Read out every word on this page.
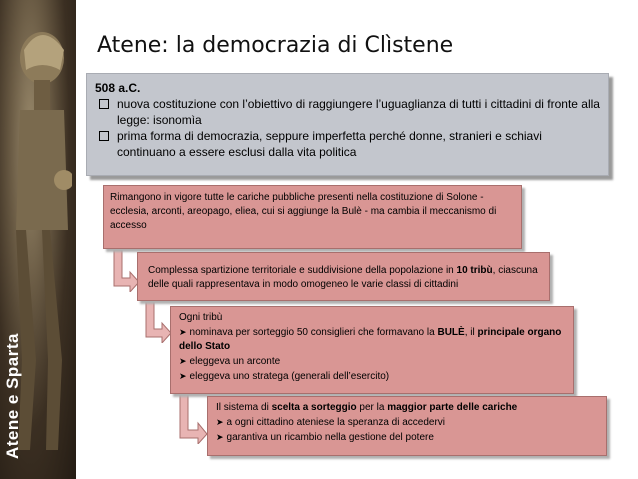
Atene e Sparta
Atene: la democrazia di Clìstene
508 a.C.
nuova costituzione con l’obiettivo di raggiungere l’uguaglianza di tutti i cittadini di fronte alla legge: isonomìa
prima forma di democrazia, seppure imperfetta perché donne, stranieri e schiavi continuano a essere esclusi dalla vita politica
Rimangono in vigore tutte le cariche pubbliche presenti nella costituzione di Solone - ecclesia, arconti, areopago, eliea, cui si aggiunge la Bulè - ma cambia il meccanismo di accesso
Complessa spartizione territoriale e suddivisione della popolazione in 10 tribù, ciascuna delle quali rappresentava in modo omogeneo le varie classi di cittadini
Ogni tribù
➤ nominava per sorteggio 50 consiglieri che formavano la BULÈ, il principale organo dello Stato
➤ eleggeva un arconte
➤ eleggeva uno stratega (generali dell’esercito)
Il sistema di scelta a sorteggio per la maggior parte delle cariche
➤ a ogni cittadino ateniese la speranza di accedervi
➤ garantiva un ricambio nella gestione del potere
